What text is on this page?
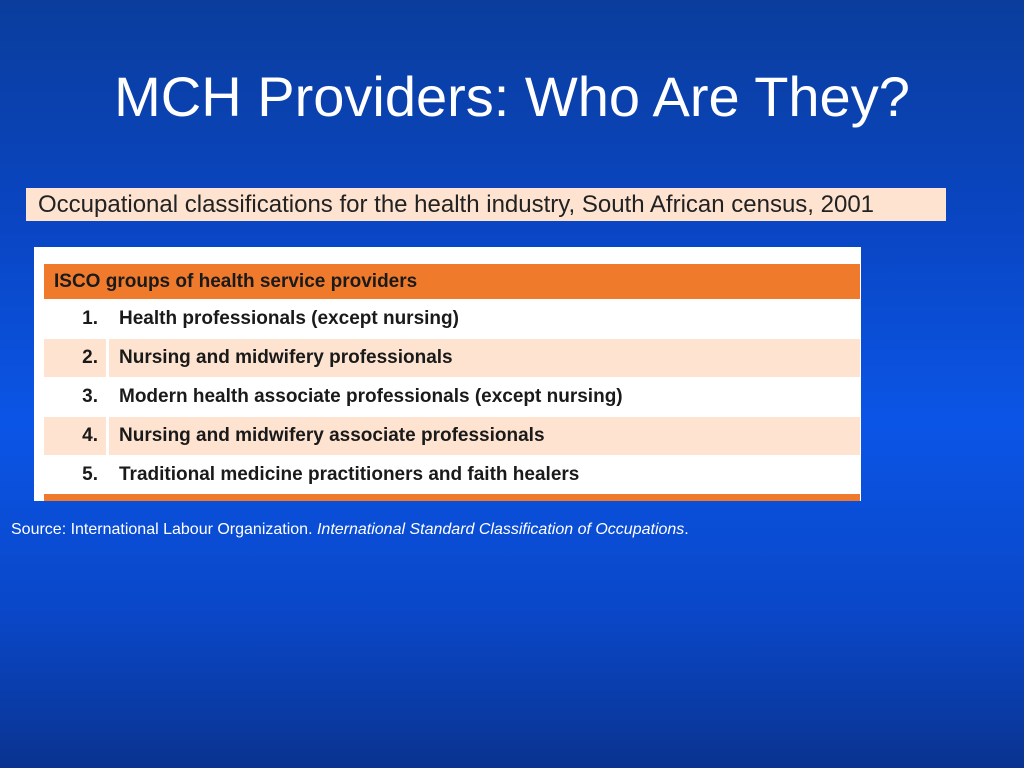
MCH Providers: Who Are They?
Occupational classifications for the health industry, South African census, 2001
ISCO groups of health service providers
1.	Health professionals (except nursing)
2.	Nursing and midwifery professionals
3.	Modern health associate professionals (except nursing)
4.	Nursing and midwifery associate professionals
5.	Traditional medicine practitioners and faith healers
Source: International Labour Organization. International Standard Classification of Occupations.
